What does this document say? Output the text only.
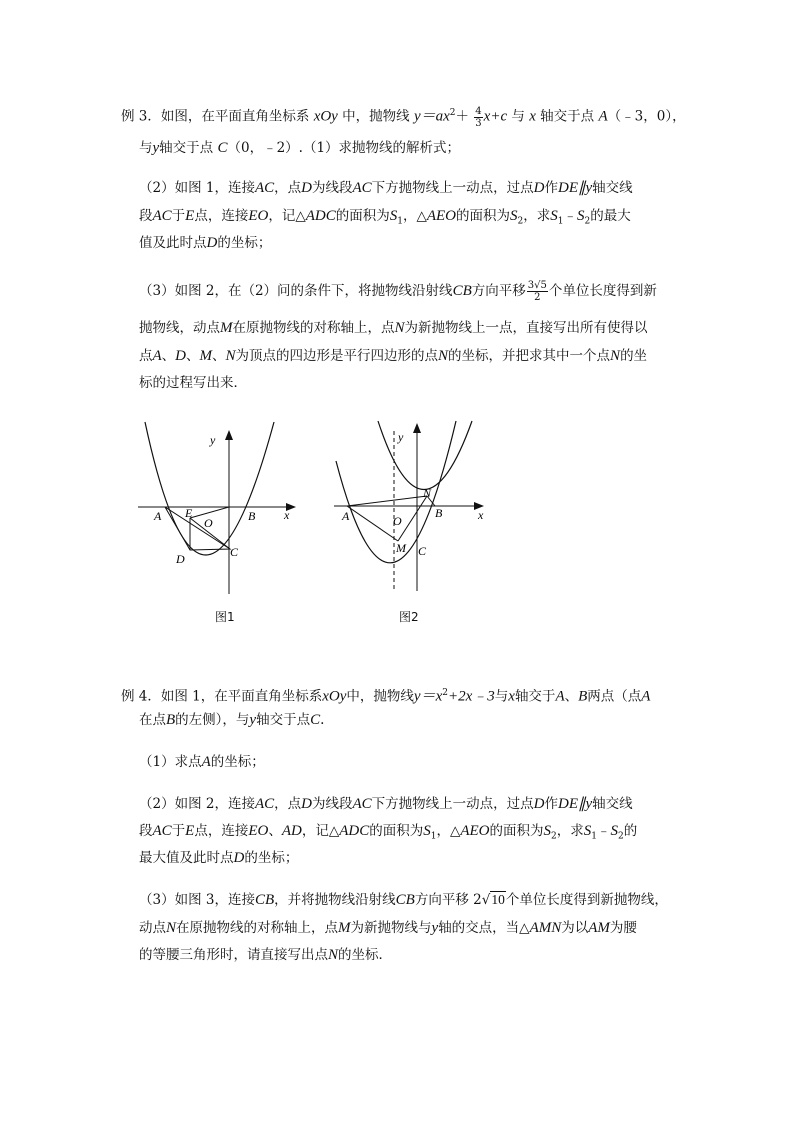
例 3．如图，在平面直角坐标系 xOy 中，抛物线 $y=ax^2+ \frac{4}{3} x+c$ 与 x 轴交于点 A（﹣3，0），
与y轴交于点 C（0，﹣2）.（1）求抛物线的解析式；
（2）如图 1，连接AC，点D为线段AC下方抛物线上一动点，过点D作DE∥y轴交线
段AC于E点，连接EO，记△ADC的面积为$S_1$，△AEO的面积为$S_2$，求$S_1﹣S_2$的最大
值及此时点D的坐标；
（3）如图 2，在（2）问的条件下，将抛物线沿射线CB方向平移 $\frac{3√5}{2}$ 个单位长度得到新
抛物线，动点M在原抛物线的对称轴上，点N为新抛物线上一点，直接写出所有使得以
点A、D、M、N为顶点的四边形是平行四边形的点N的坐标，并把求其中一个点N的坐
标的过程写出来．
y
x
A E
O	B
D	C
图1
y
x
A	O
N
B
M C
图2
例 4．如图 1，在平面直角坐标系xOy中，抛物线$y=x^2+2x﹣3$与x轴交于A、B两点（点A
在点B的左侧），与y轴交于点C.
（1）求点A的坐标；
（2）如图 2，连接AC，点D为线段AC下方抛物线上一动点，过点D作DE∥y轴交线
段AC于E点，连接EO、AD，记△ADC的面积为$S_1$，△AEO的面积为$S_2$，求$S_1﹣S_2$的
最大值及此时点D的坐标；
（3）如图 3，连接CB，并将抛物线沿射线CB方向平移 2√10个单位长度得到新抛物线，
动点N在原抛物线的对称轴上，点M为新抛物线与y轴的交点，当△AMN为以AM为腰
的等腰三角形时，请直接写出点N的坐标．
